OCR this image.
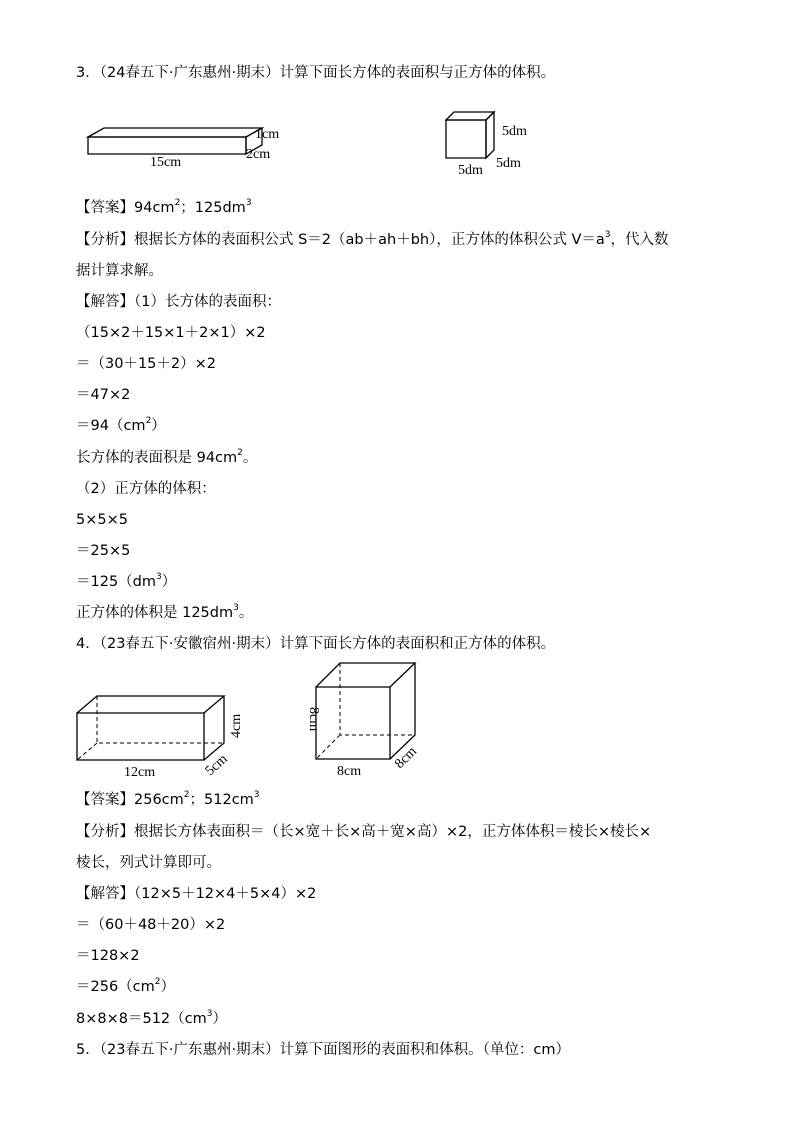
3．（24春五下·广东惠州·期末）计算下面长方体的表面积与正方体的体积。
15cm
2cm
1cm	5dm
5dm
5dm
【答案】$94cm^2$；$125dm^3$
【分析】根据长方体的表面积公式 S＝2（ab＋ah＋bh），正方体的体积公式 $V=a^3$，代入数
据计算求解。
【解答】（1）长方体的表面积：
（15×2＋15×1＋2×1）×2
＝（30＋15＋2）×2
＝47×2
$=94(cm^2)$
长方体的表面积是 $94cm^2$。
（2）正方体的体积：
5×5×5
＝25×5
$=125(dm^3)$
正方体的体积是 $125dm^3$。
4．（23春五下·安徽宿州·期末）计算下面长方体的表面积和正方体的体积。
12cm	5cm
4cm	8cm
8cm 8cm
【答案】$256cm^2$；$512cm^3$
【分析】根据长方体表面积＝（长×宽＋长×高＋宽×高）×2，正方体体积＝棱长×棱长×
棱长，列式计算即可。
【解答】（12×5＋12×4＋5×4）×2
＝（60＋48＋20）×2
＝128×2
$=256(cm^2)$
$8\times 8\times 8=512(cm^3)$
5．（23春五下·广东惠州·期末）计算下面图形的表面积和体积。（单位：cm）
